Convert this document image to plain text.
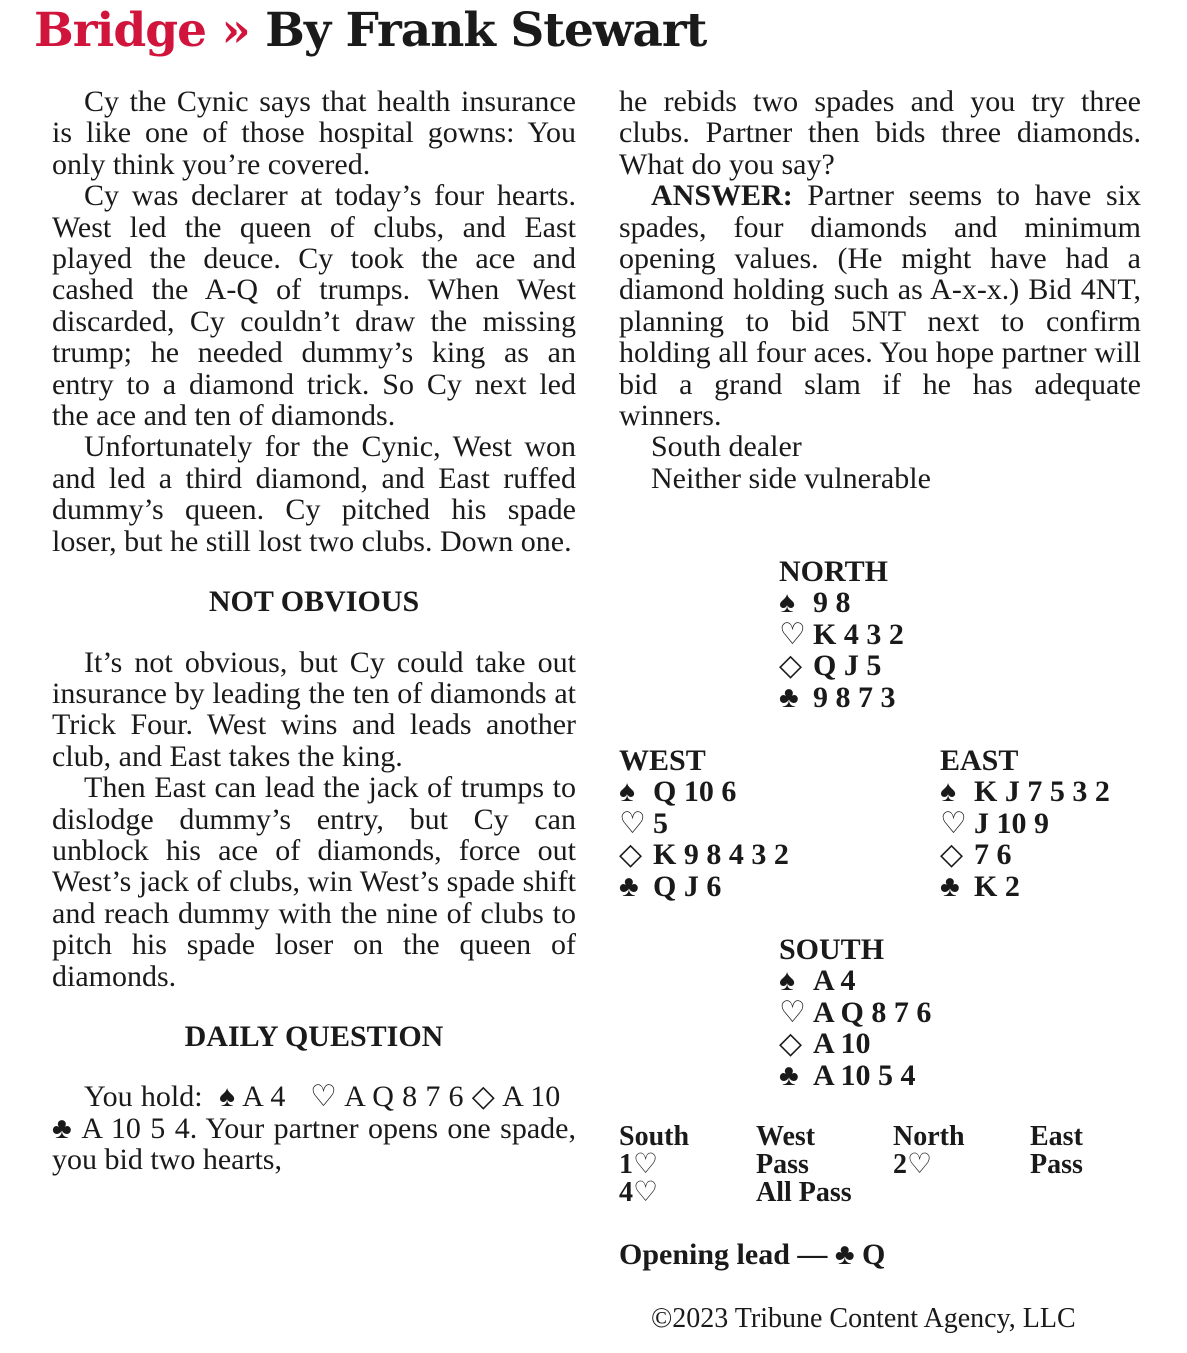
Bridge » By Frank Stewart

Cy the Cynic says that health insurance is like one of those hospital gowns: You only think you’re covered.

Cy was declarer at today’s four hearts. West led the queen of clubs, and East played the deuce. Cy took the ace and cashed the A-Q of trumps. When West discarded, Cy couldn’t draw the missing trump; he needed dummy’s king as an entry to a diamond trick. So Cy next led the ace and ten of diamonds.

Unfortunately for the Cynic, West won and led a third diamond, and East ruffed dummy’s queen. Cy pitched his spade loser, but he still lost two clubs. Down one.

NOT OBVIOUS

It’s not obvious, but Cy could take out insurance by leading the ten of diamonds at Trick Four. West wins and leads another club, and East takes the king.

Then East can lead the jack of trumps to dislodge dummy’s entry, but Cy can unblock his ace of diamonds, force out West’s jack of clubs, win West’s spade shift and reach dummy with the nine of clubs to pitch his spade loser on the queen of diamonds.

DAILY QUESTION

You hold: ♠ A 4 ♡ A Q 8 7 6 ◇ A 10   ♣ A 10 5 4. Your partner opens one spade, you bid two hearts,

he rebids two spades and you try three clubs. Partner then bids three diamonds. What do you say?

ANSWER: Partner seems to have six spades, four diamonds and minimum opening values. (He might have had a diamond holding such as A-x-x.) Bid 4NT, planning to bid 5NT next to confirm holding all four aces. You hope partner will bid a grand slam if he has adequate winners.

South dealer

Neither side vulnerable

NORTH
♠ 9 8
♡ K 4 3 2
◇ Q J 5
♣ 9 8 7 3
WEST
♠ Q 10 6
♡ 5
◇ K 9 8 4 3 2
♣ Q J 6
EAST
♠ K J 7 5 3 2
♡ J 10 9
◇ 7 6
♣ K 2
SOUTH
♠ A 4
♡ A Q 8 7 6
◇ A 10
♣ A 10 5 4
South	West	North	East
1♡	Pass	2♡	Pass
4♡	All Pass
Opening lead — ♣ Q
©2023 Tribune Content Agency, LLC
